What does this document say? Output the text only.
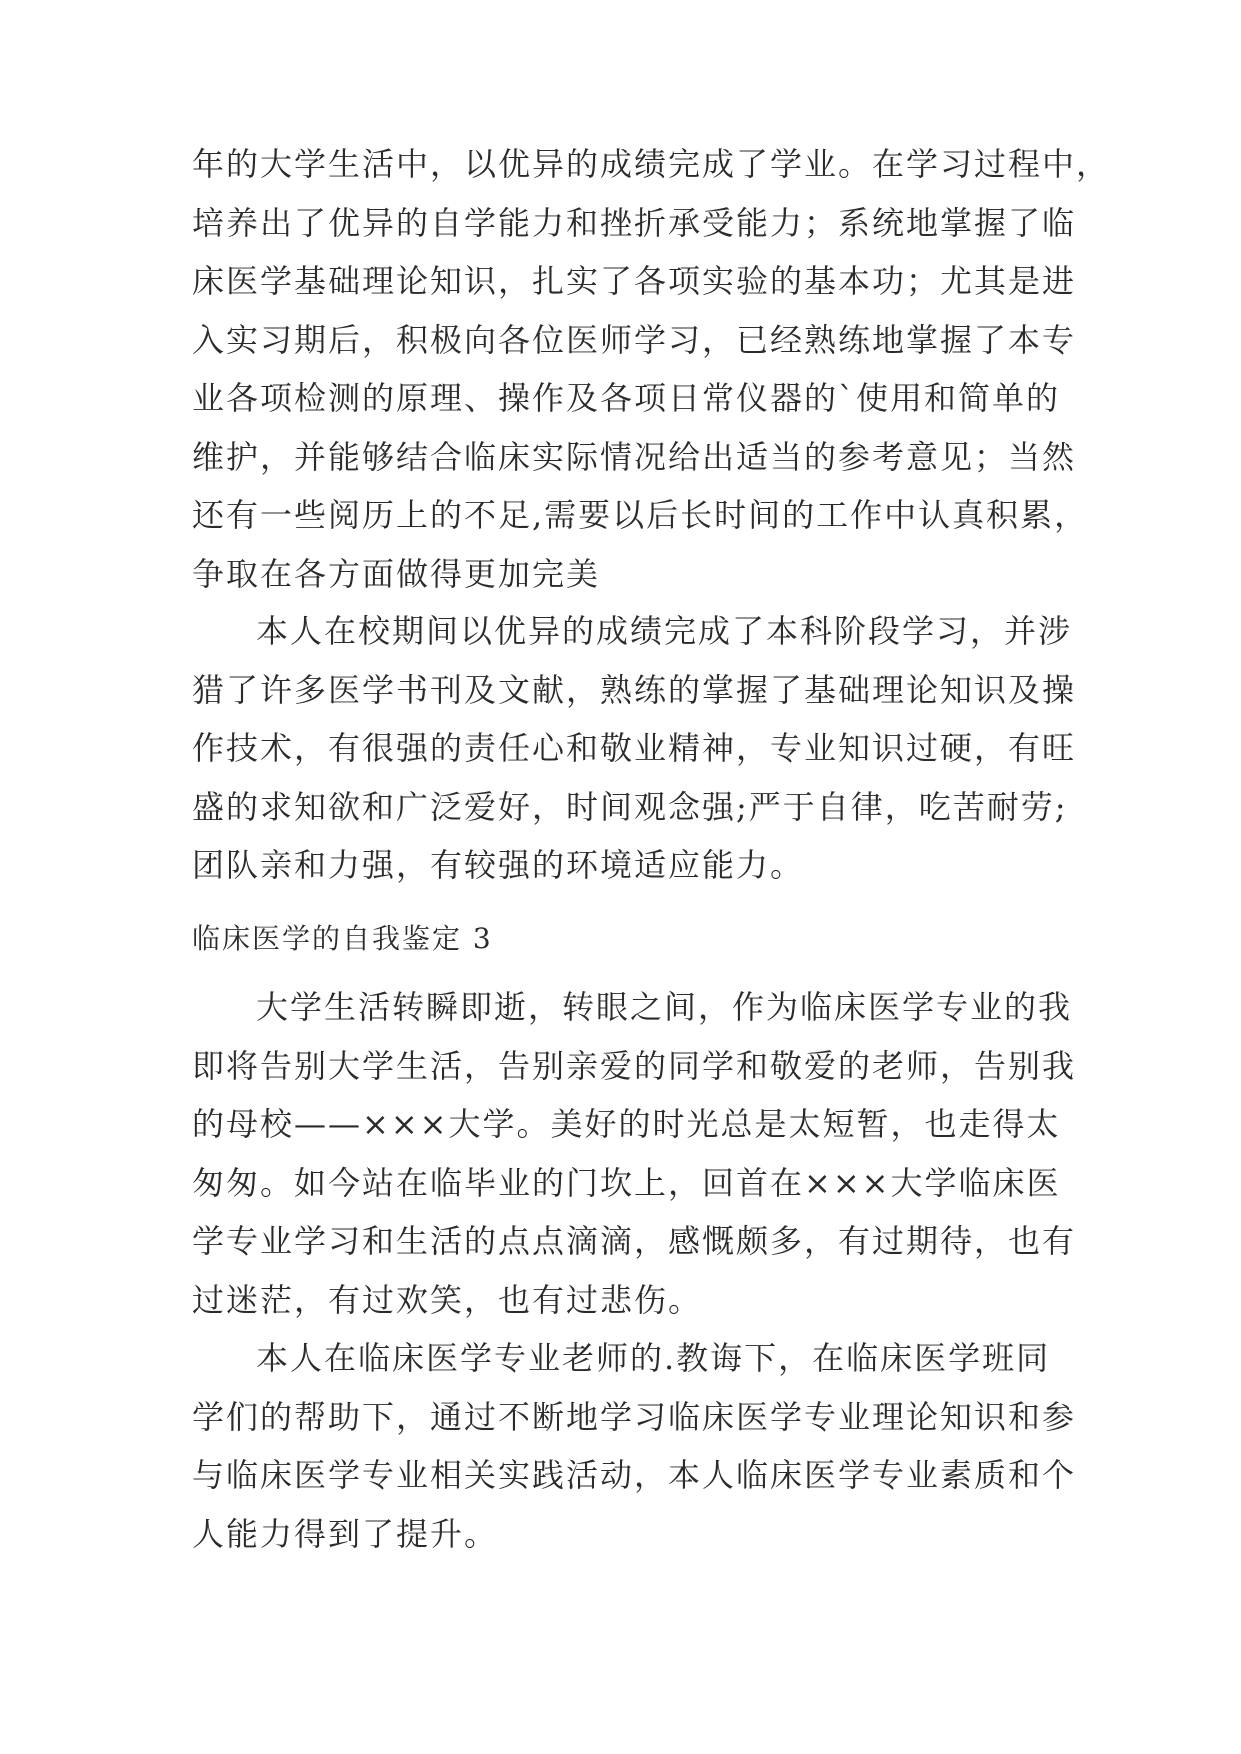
年的大学生活中，以优异的成绩完成了学业。在学习过程中，
培养出了优异的自学能力和挫折承受能力；系统地掌握了临
床医学基础理论知识，扎实了各项实验的基本功；尤其是进
入实习期后，积极向各位医师学习，已经熟练地掌握了本专
业各项检测的原理、操作及各项日常仪器的`使用和简单的
维护，并能够结合临床实际情况给出适当的参考意见；当然
还有一些阅历上的不足,需要以后长时间的工作中认真积累，
争取在各方面做得更加完美
本人在校期间以优异的成绩完成了本科阶段学习，并涉
猎了许多医学书刊及文献，熟练的掌握了基础理论知识及操
作技术，有很强的责任心和敬业精神，专业知识过硬，有旺
盛的求知欲和广泛爱好，时间观念强;严于自律，吃苦耐劳;
团队亲和力强，有较强的环境适应能力。
临床医学的自我鉴定 3
大学生活转瞬即逝，转眼之间，作为临床医学专业的我
即将告别大学生活，告别亲爱的同学和敬爱的老师，告别我
的母校——×××大学。美好的时光总是太短暂，也走得太
匆匆。如今站在临毕业的门坎上，回首在×××大学临床医
学专业学习和生活的点点滴滴，感慨颇多，有过期待，也有
过迷茫，有过欢笑，也有过悲伤。
本人在临床医学专业老师的.教诲下，在临床医学班同
学们的帮助下，通过不断地学习临床医学专业理论知识和参
与临床医学专业相关实践活动，本人临床医学专业素质和个
人能力得到了提升。
